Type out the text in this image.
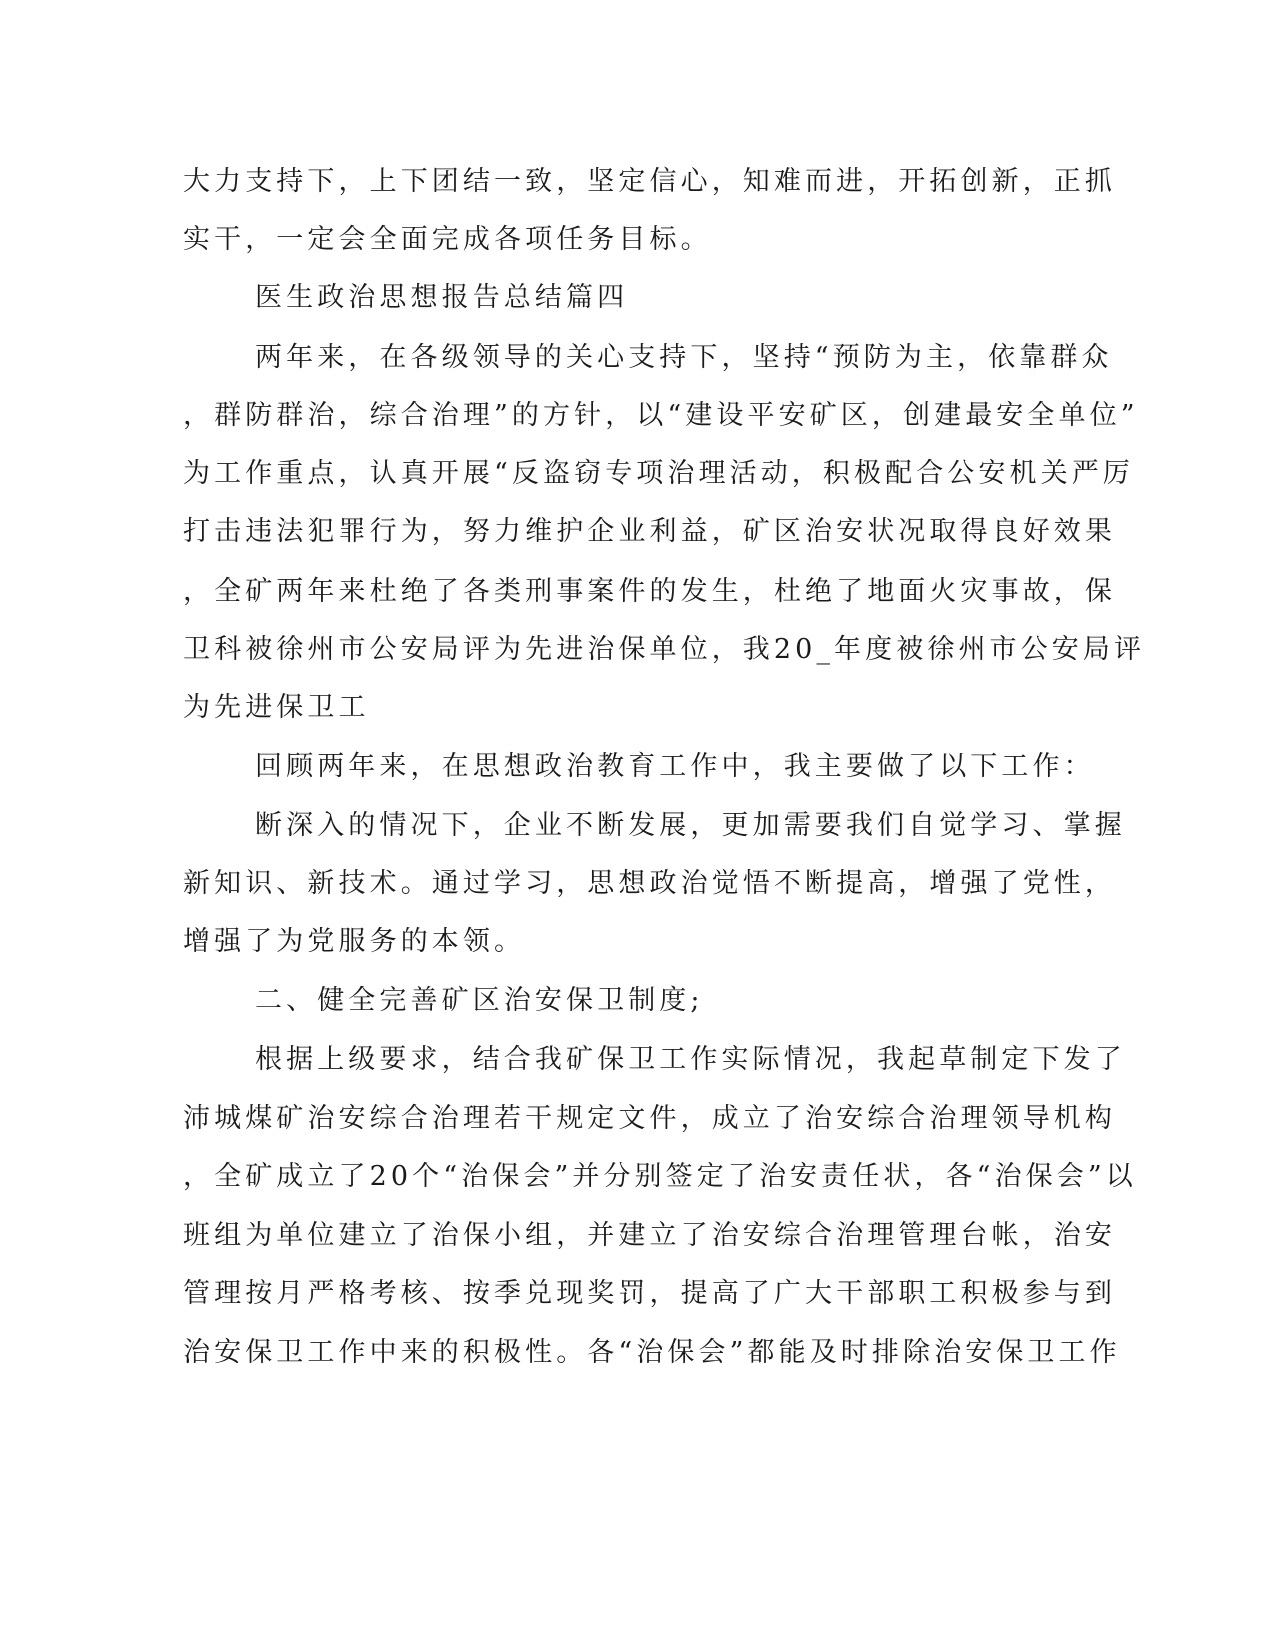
大力支持下，上下团结一致，坚定信心，知难而进，开拓创新，正抓
实干，一定会全面完成各项任务目标。
医生政治思想报告总结篇四
两年来，在各级领导的关心支持下，坚持“预防为主，依靠群众
，群防群治，综合治理”的方针，以“建设平安矿区，创建最安全单位”
为工作重点，认真开展“反盗窃专项治理活动，积极配合公安机关严厉
打击违法犯罪行为，努力维护企业利益，矿区治安状况取得良好效果
，全矿两年来杜绝了各类刑事案件的发生，杜绝了地面火灾事故，保
卫科被徐州市公安局评为先进治保单位，我20_年度被徐州市公安局评
为先进保卫工
回顾两年来，在思想政治教育工作中，我主要做了以下工作：
断深入的情况下，企业不断发展，更加需要我们自觉学习、掌握
新知识、新技术。通过学习，思想政治觉悟不断提高，增强了党性，
增强了为党服务的本领。
二、健全完善矿区治安保卫制度;
根据上级要求，结合我矿保卫工作实际情况，我起草制定下发了
沛城煤矿治安综合治理若干规定文件，成立了治安综合治理领导机构
，全矿成立了20个“治保会”并分别签定了治安责任状，各“治保会”以
班组为单位建立了治保小组，并建立了治安综合治理管理台帐，治安
管理按月严格考核、按季兑现奖罚，提高了广大干部职工积极参与到
治安保卫工作中来的积极性。各“治保会”都能及时排除治安保卫工作
